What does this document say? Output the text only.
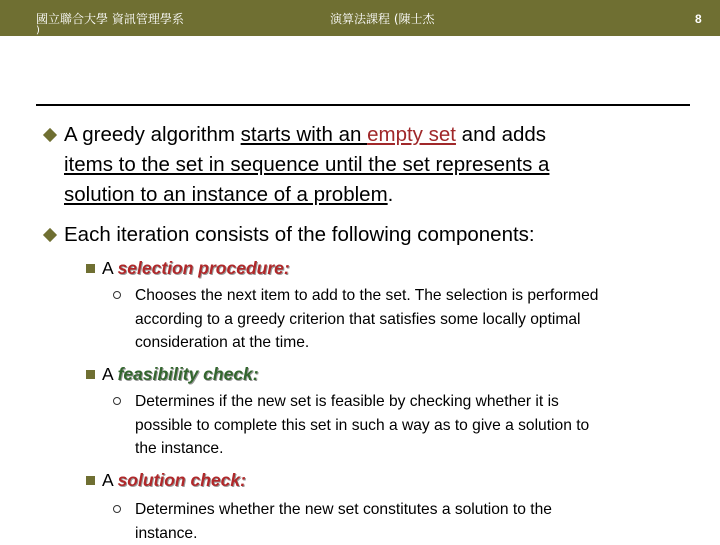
國立聯合大學 資訊管理學系
)
演算法課程 (陳士杰	8
A greedy algorithm starts with an empty set and adds
items to the set in sequence until the set represents a
solution to an instance of a problem.
Each iteration consists of the following components:
A selection procedure:
Chooses the next item to add to the set. The selection is performed
according to a greedy criterion that satisfies some locally optimal
consideration at the time.
A feasibility check:
Determines if the new set is feasible by checking whether it is
possible to complete this set in such a way as to give a solution to
the instance.
A solution check:
Determines whether the new set constitutes a solution to the
instance.
